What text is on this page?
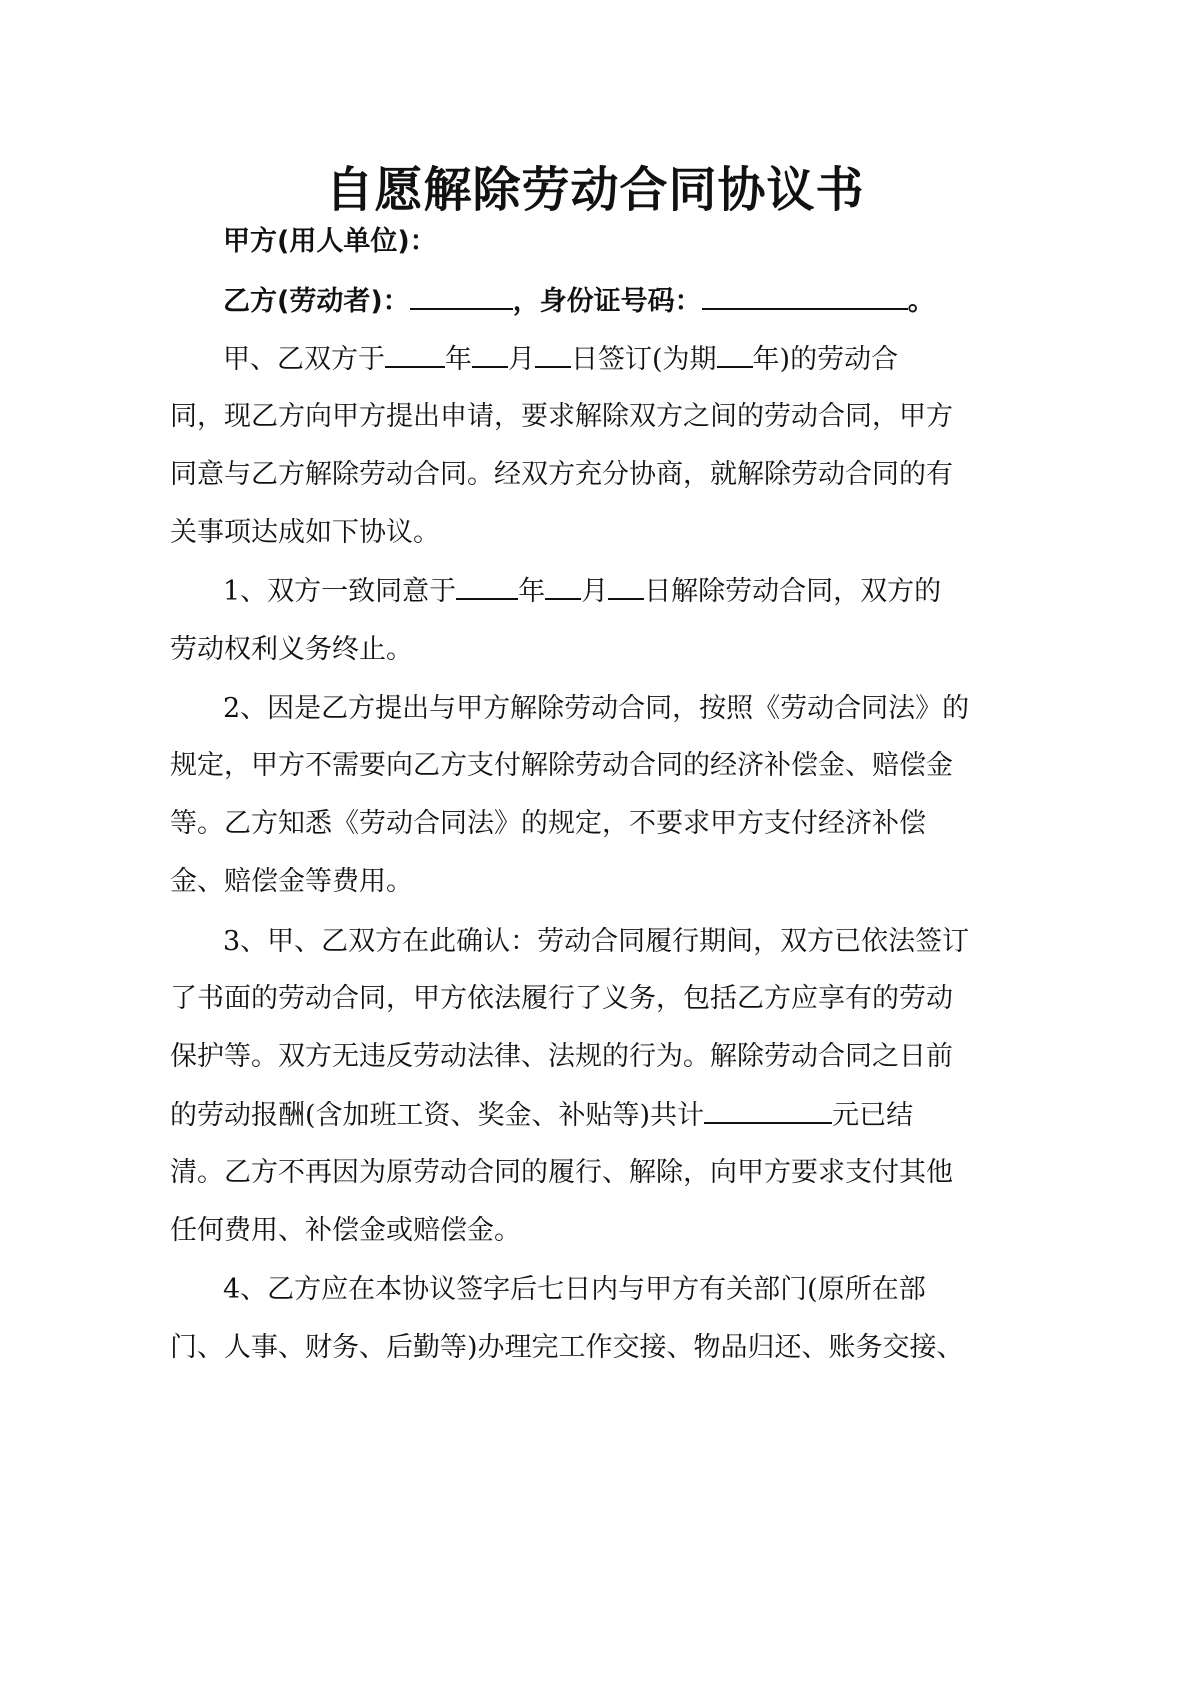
自愿解除劳动合同协议书
甲方(用人单位)：
乙方(劳动者)：	，身份证号码：	。
甲、乙双方于 年 月 日签订(为期 年)的劳动合
同，现乙方向甲方提出申请，要求解除双方之间的劳动合同，甲方
同意与乙方解除劳动合同。经双方充分协商，就解除劳动合同的有
关事项达成如下协议。
1、双方一致同意于 年 月 日解除劳动合同，双方的
劳动权利义务终止。
2、因是乙方提出与甲方解除劳动合同，按照《劳动合同法》的
规定，甲方不需要向乙方支付解除劳动合同的经济补偿金、赔偿金
等。乙方知悉《劳动合同法》的规定，不要求甲方支付经济补偿
金、赔偿金等费用。
3、甲、乙双方在此确认：劳动合同履行期间，双方已依法签订
了书面的劳动合同，甲方依法履行了义务，包括乙方应享有的劳动
保护等。双方无违反劳动法律、法规的行为。解除劳动合同之日前
的劳动报酬(含加班工资、奖金、补贴等)共计	元已结
清。乙方不再因为原劳动合同的履行、解除，向甲方要求支付其他
任何费用、补偿金或赔偿金。
4、乙方应在本协议签字后七日内与甲方有关部门(原所在部
门、人事、财务、后勤等)办理完工作交接、物品归还、账务交接、
